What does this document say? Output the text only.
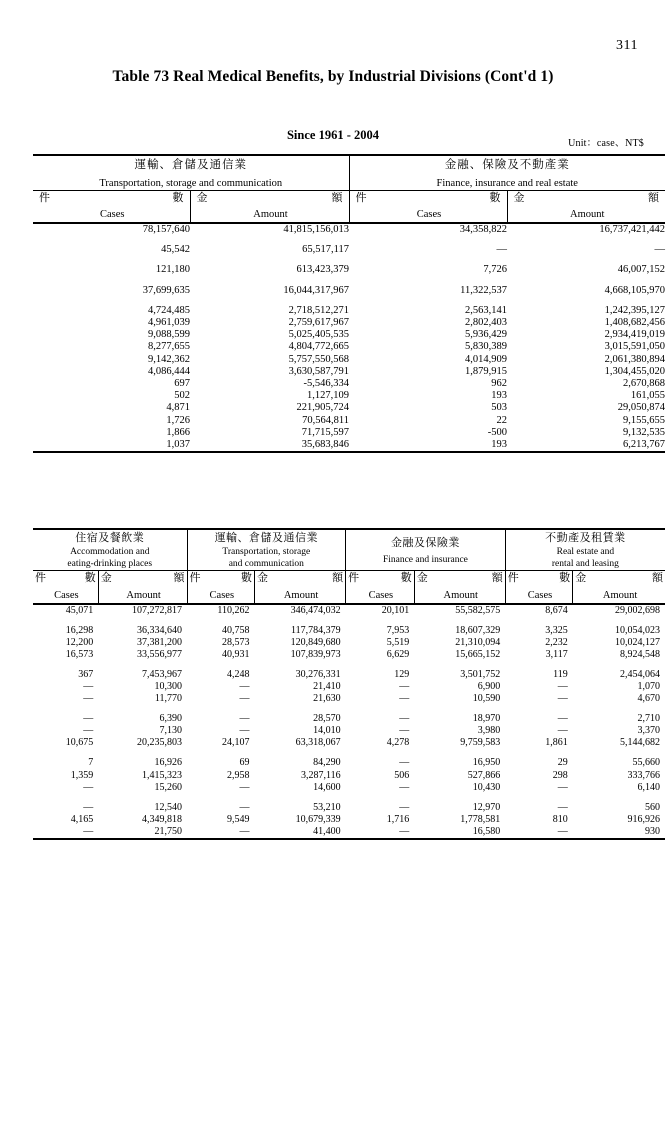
311
Table 73 Real Medical Benefits, by Industrial Divisions (Cont'd 1)
Since 1961 - 2004
Unit：case、NT$
運輸、倉儲及通信業
Transportation, storage and communication		金融、保險及不動產業
Finance, insurance and real estate	

件 數
Cases	金 額
Amount	件 數
Cases	金 額
Amount
78,157,640	41,815,156,013	34,358,822	16,737,421,442

45,542	65,517,117	—	—

121,180	613,423,379	7,726	46,007,152

37,699,635	16,044,317,967	11,322,537	4,668,105,970

4,724,485	2,718,512,271	2,563,141	1,242,395,127
4,961,039	2,759,617,967	2,802,403	1,408,682,456
9,088,599	5,025,405,535	5,936,429	2,934,419,019
8,277,655	4,804,772,665	5,830,389	3,015,591,050
9,142,362	5,757,550,568	4,014,909	2,061,380,894
4,086,444	3,630,587,791	1,879,915	1,304,455,020
697	-5,546,334	962	2,670,868
502	1,127,109	193	161,055
4,871	221,905,724	503	29,050,874
1,726	70,564,811	22	9,155,655
1,866	71,715,597	-500	9,132,535
1,037	35,683,846	193	6,213,767

住宿及餐飲業
Accommodation and
eating-drinking places		運輸、倉儲及通信業
Transportation, storage
and communication		金融及保險業
Finance and insurance		不動產及租賃業
Real estate and
rental and leasing	

件 數
Cases	金 額
Amount	件 數
Cases	金 額
Amount	件 數
Cases	金 額
Amount	件 數
Cases	金 額
Amount
45,071	107,272,817	110,262	346,474,032	20,101	55,582,575	8,674	29,002,698

16,298	36,334,640	40,758	117,784,379	7,953	18,607,329	3,325	10,054,023
12,200	37,381,200	28,573	120,849,680	5,519	21,310,094	2,232	10,024,127
16,573	33,556,977	40,931	107,839,973	6,629	15,665,152	3,117	8,924,548

367	7,453,967	4,248	30,276,331	129	3,501,752	119	2,454,064
—	10,300	—	21,410	—	6,900	—	1,070
—	11,770	—	21,630	—	10,590	—	4,670

—	6,390	—	28,570	—	18,970	—	2,710
—	7,130	—	14,010	—	3,980	—	3,370
10,675	20,235,803	24,107	63,318,067	4,278	9,759,583	1,861	5,144,682

7	16,926	69	84,290	—	16,950	29	55,660
1,359	1,415,323	2,958	3,287,116	506	527,866	298	333,766
—	15,260	—	14,600	—	10,430	—	6,140

—	12,540	—	53,210	—	12,970	—	560
4,165	4,349,818	9,549	10,679,339	1,716	1,778,581	810	916,926
—	21,750	—	41,400	—	16,580	—	930
